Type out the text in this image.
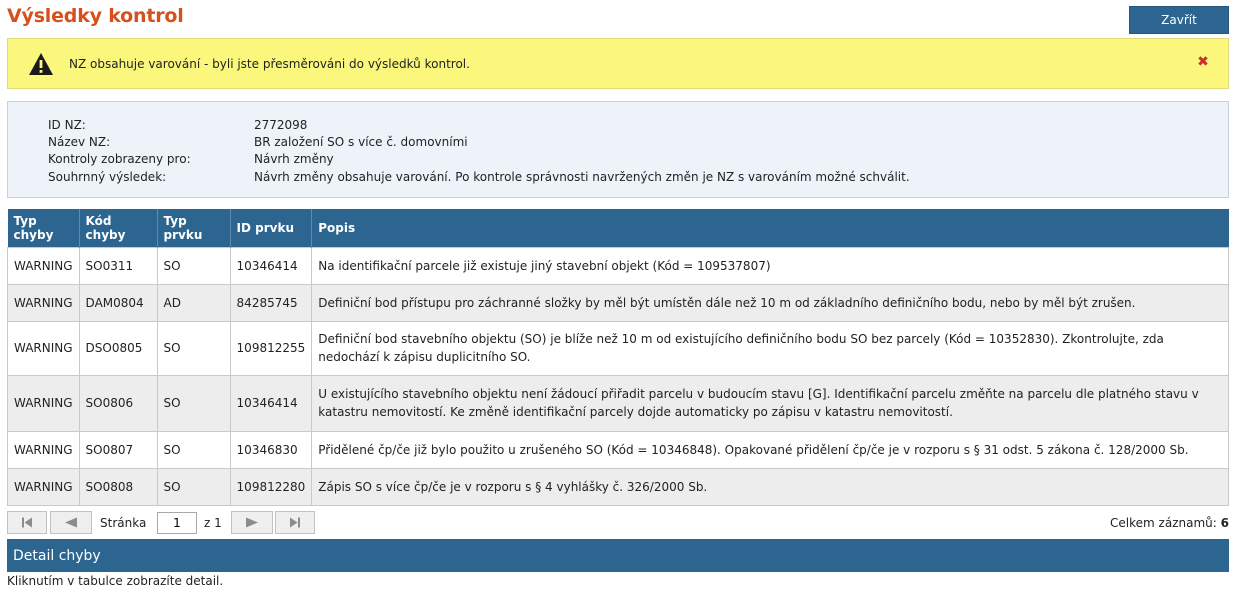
Výsledky kontrol	Zavřít
NZ obsahuje varování - byli jste přesměrováni do výsledků kontrol.	✖
ID NZ:	2772098
Název NZ:	BR založení SO s více č. domovními
Kontroly zobrazeny pro:	Návrh změny
Souhrnný výsledek:	Návrh změny obsahuje varování. Po kontrole správnosti navržených změn je NZ s varováním možné schválit.
Typ chyby	Kód chyby	Typ prvku	ID prvku	Popis
WARNING	SO0311	SO	10346414	Na identifikační parcele již existuje jiný stavební objekt (Kód = 109537807)
WARNING	DAM0804	AD	84285745	Definiční bod přístupu pro záchranné složky by měl být umístěn dále než 10 m od základního definičního bodu, nebo by měl být zrušen.
WARNING	DSO0805	SO	109812255	Definiční bod stavebního objektu (SO) je blíže než 10 m od existujícího definičního bodu SO bez parcely (Kód = 10352830). Zkontrolujte, zda nedochází k zápisu duplicitního SO.
WARNING	SO0806	SO	10346414	U existujícího stavebního objektu není žádoucí přiřadit parcelu v budoucím stavu [G]. Identifikační parcelu změňte na parcelu dle platného stavu v katastru nemovitostí. Ke změně identifikační parcely dojde automaticky po zápisu v katastru nemovitostí.
WARNING	SO0807	SO	10346830	Přidělené čp/če již bylo použito u zrušeného SO (Kód = 10346848). Opakované přidělení čp/če je v rozporu s § 31 odst. 5 zákona č. 128/2000 Sb.
WARNING	SO0808	SO	109812280	Zápis SO s více čp/če je v rozporu s § 4 vyhlášky č. 326/2000 Sb.
Stránka
1	z 1	Celkem záznamů: 6
Detail chyby
Kliknutím v tabulce zobrazíte detail.
